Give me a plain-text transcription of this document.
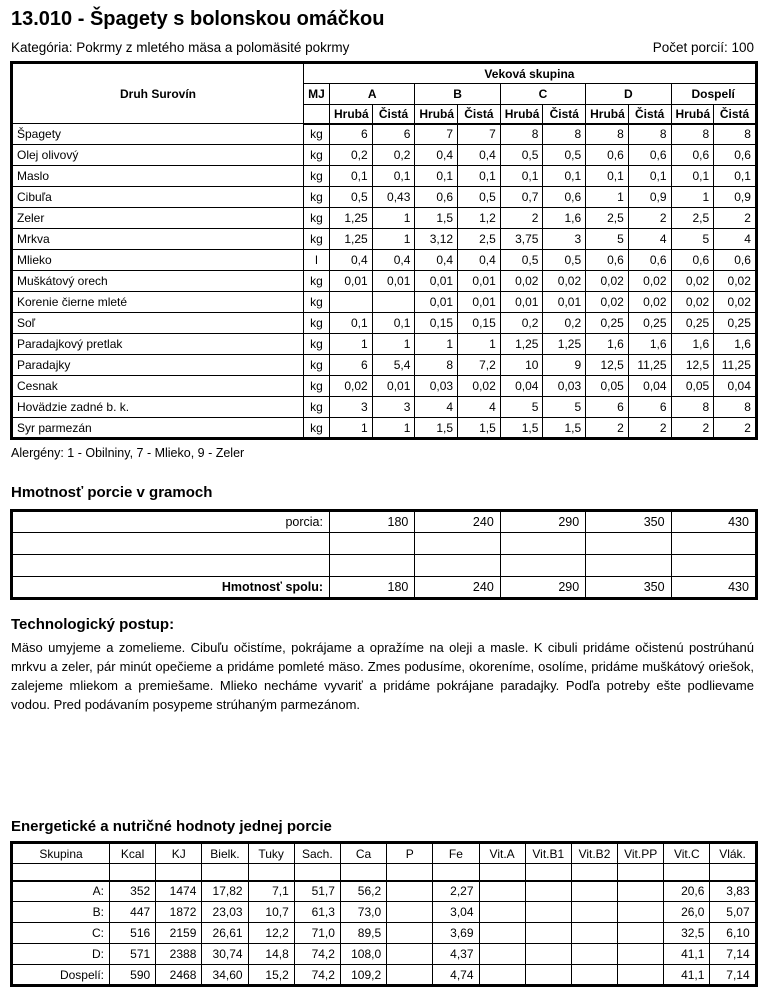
13.010 - Špagety s bolonskou omáčkou
Kategória: Pokrmy z mletého mäsa a polomäsité pokrmy	Počet porcií: 100
Druh Surovín	Veková skupina										
	MJ	A		B		C		D		Dospelí	
		Hrubá	Čistá	Hrubá	Čistá	Hrubá	Čistá	Hrubá	Čistá	Hrubá	Čistá
Špagety	kg	6	6	7	7	8	8	8	8	8	8
Olej olivový	kg	0,2	0,2	0,4	0,4	0,5	0,5	0,6	0,6	0,6	0,6
Maslo	kg	0,1	0,1	0,1	0,1	0,1	0,1	0,1	0,1	0,1	0,1
Cibuľa	kg	0,5	0,43	0,6	0,5	0,7	0,6	1	0,9	1	0,9
Zeler	kg	1,25	1	1,5	1,2	2	1,6	2,5	2	2,5	2
Mrkva	kg	1,25	1	3,12	2,5	3,75	3	5	4	5	4
Mlieko	l	0,4	0,4	0,4	0,4	0,5	0,5	0,6	0,6	0,6	0,6
Muškátový orech	kg	0,01	0,01	0,01	0,01	0,02	0,02	0,02	0,02	0,02	0,02
Korenie čierne mleté	kg			0,01	0,01	0,01	0,01	0,02	0,02	0,02	0,02
Soľ	kg	0,1	0,1	0,15	0,15	0,2	0,2	0,25	0,25	0,25	0,25
Paradajkový pretlak	kg	1	1	1	1	1,25	1,25	1,6	1,6	1,6	1,6
Paradajky	kg	6	5,4	8	7,2	10	9	12,5	11,25	12,5	11,25
Cesnak	kg	0,02	0,01	0,03	0,02	0,04	0,03	0,05	0,04	0,05	0,04
Hovädzie zadné b. k.	kg	3	3	4	4	5	5	6	6	8	8
Syr parmezán	kg	1	1	1,5	1,5	1,5	1,5	2	2	2	2
Alergény: 1 - Obilniny, 7 - Mlieko, 9 - Zeler
Hmotnosť porcie v gramoch
porcia:	180	240	290	350	430

Hmotnosť spolu:	180	240	290	350	430
Technologický postup:
Mäso umyjeme a zomelieme. Cibuľu očistíme, pokrájame a opražíme na oleji a masle. K cibuli pridáme očistenú postrúhanú mrkvu a zeler, pár minút opečieme a pridáme pomleté mäso. Zmes podusíme, okoreníme, osolíme, pridáme muškátový oriešok, zalejeme mliekom a premiešame. Mlieko necháme vyvariť a pridáme pokrájane paradajky. Podľa potreby ešte podlievame vodou. Pred podávaním posypeme strúhaným parmezánom.
Energetické a nutričné hodnoty jednej porcie
Skupina	Kcal	KJ	Bielk.	Tuky	Sach.	Ca	P	Fe	Vit.A	Vit.B1	Vit.B2	Vit.PP	Vit.C	Vlák.

A:	352	1474	17,82	7,1	51,7	56,2		2,27					20,6	3,83
B:	447	1872	23,03	10,7	61,3	73,0		3,04					26,0	5,07
C:	516	2159	26,61	12,2	71,0	89,5		3,69					32,5	6,10
D:	571	2388	30,74	14,8	74,2	108,0		4,37					41,1	7,14
Dospelí:	590	2468	34,60	15,2	74,2	109,2		4,74					41,1	7,14
